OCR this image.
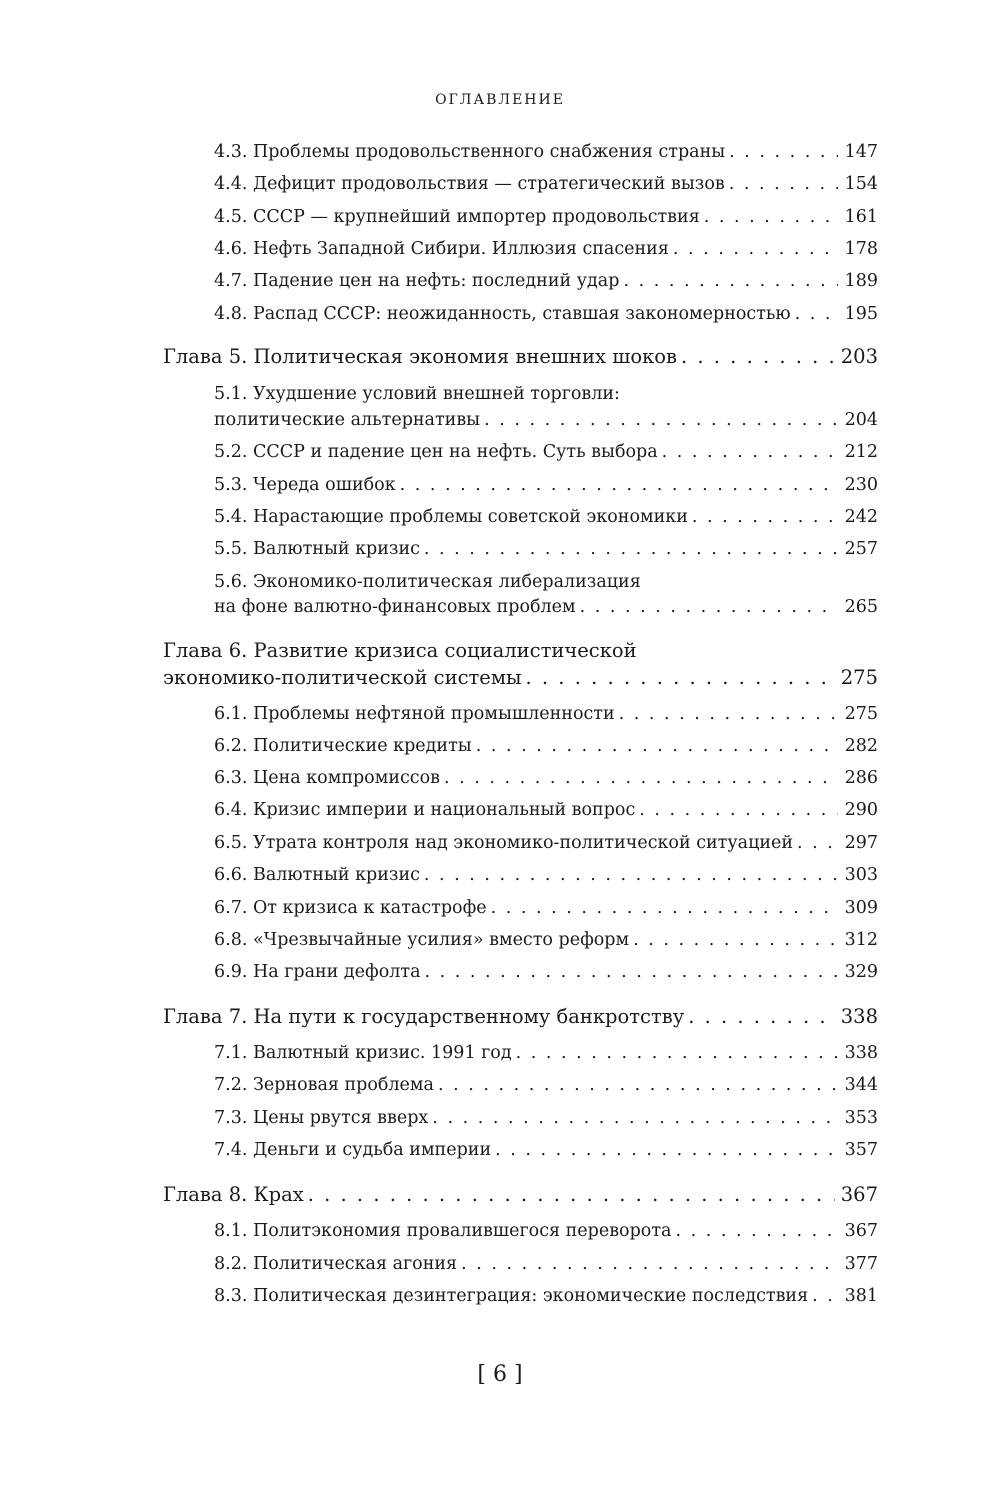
ОГЛАВЛЕНИЕ
4.3. Проблемы продовольственного снабжения страны . . .	147
4.4. Дефицит продовольствия — стратегический вызов . . .	154
4.5. СССР — крупнейший импортер продовольствия . . .	161
4.6. Нефть Западной Сибири. Иллюзия спасения . . .	178
4.7. Падение цен на нефть: последний удар . . .	189
4.8. Распад СССР: неожиданность, ставшая закономерностью . . .	195
Глава 5. Политическая экономия внешних шоков . . .	203
5.1. Ухудшение условий внешней торговли:
политические альтернативы . . .	204
5.2. СССР и падение цен на нефть. Суть выбора . . .	212
5.3. Череда ошибок . . .	230
5.4. Нарастающие проблемы советской экономики . . .	242
5.5. Валютный кризис . . .	257
5.6. Экономико-политическая либерализация
на фоне валютно-финансовых проблем . . .	265
Глава 6. Развитие кризиса социалистической
экономико-политической системы . . .	275
6.1. Проблемы нефтяной промышленности . . .	275
6.2. Политические кредиты . . .	282
6.3. Цена компромиссов . . .	286
6.4. Кризис империи и национальный вопрос . . .	290
6.5. Утрата контроля над экономико-политической ситуацией . . .	297
6.6. Валютный кризис . . .	303
6.7. От кризиса к катастрофе . . .	309
6.8. «Чрезвычайные усилия» вместо реформ . . .	312
6.9. На грани дефолта . . .	329
Глава 7. На пути к государственному банкротству . . .	338
7.1. Валютный кризис. 1991 год . . .	338
7.2. Зерновая проблема . . .	344
7.3. Цены рвутся вверх . . .	353
7.4. Деньги и судьба империи . . .	357
Глава 8. Крах . . .	367
8.1. Политэкономия провалившегося переворота . . .	367
8.2. Политическая агония . . .	377
8.3. Политическая дезинтеграция: экономические последствия . . . 381
[ 6 ]
